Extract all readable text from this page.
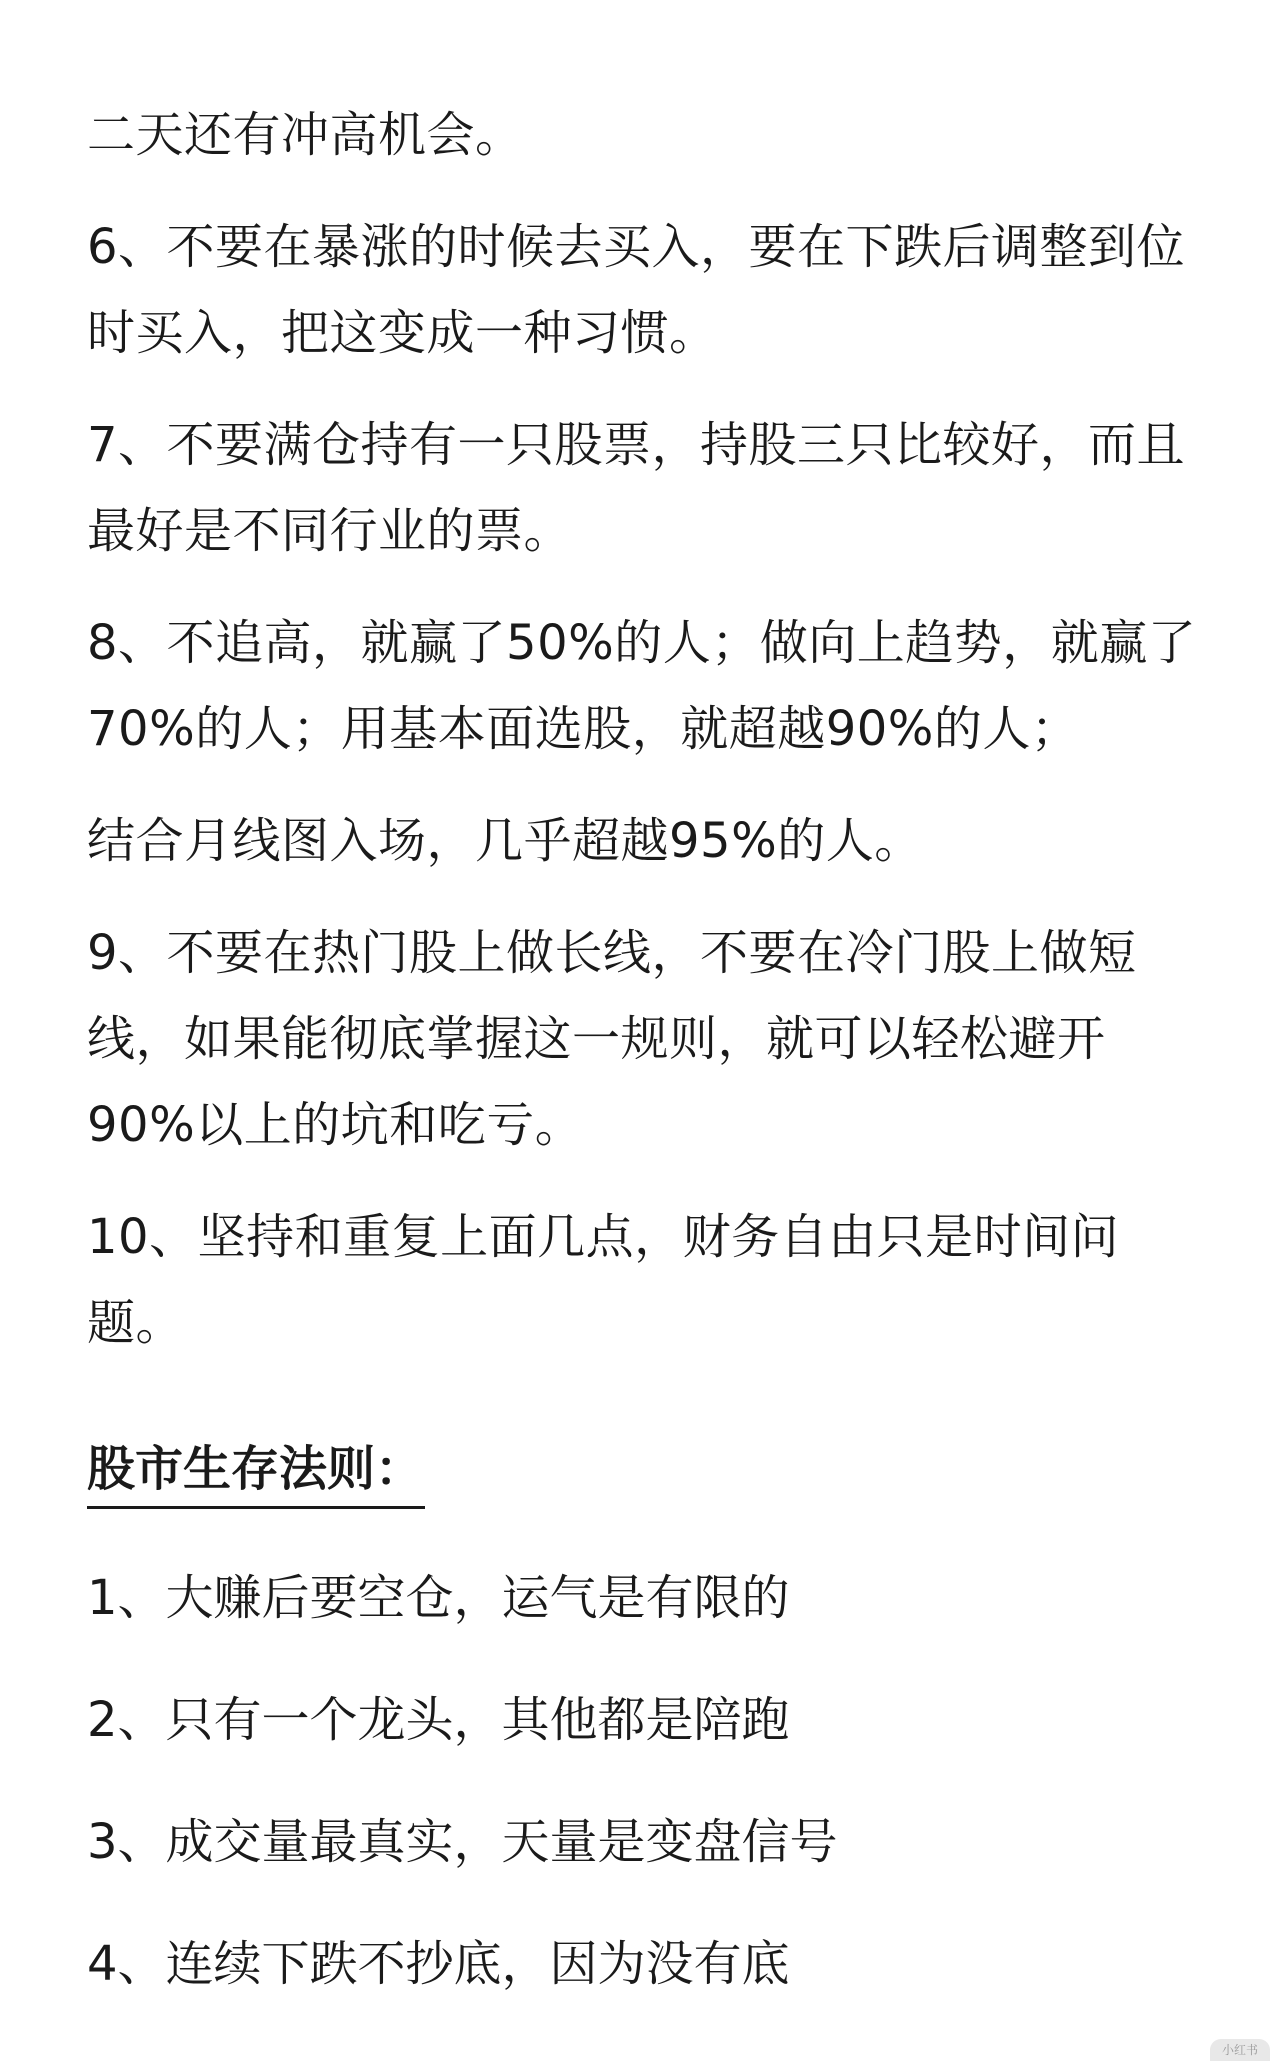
二天还有冲高机会。

6、不要在暴涨的时候去买入，要在下跌后调整到位时买入，把这变成一种习惯。

7、不要满仓持有一只股票，持股三只比较好，而且最好是不同行业的票。

8、不追高，就赢了50%的人；做向上趋势，就赢了70%的人；用基本面选股，就超越90%的人；

结合月线图入场，几乎超越95%的人。

9、不要在热门股上做长线，不要在冷门股上做短线，如果能彻底掌握这一规则，就可以轻松避开90%以上的坑和吃亏。

10、坚持和重复上面几点，财务自由只是时间问题。

股市生存法则：

1、大赚后要空仓，运气是有限的

2、只有一个龙头，其他都是陪跑

3、成交量最真实，天量是变盘信号

4、连续下跌不抄底，因为没有底

小红书
